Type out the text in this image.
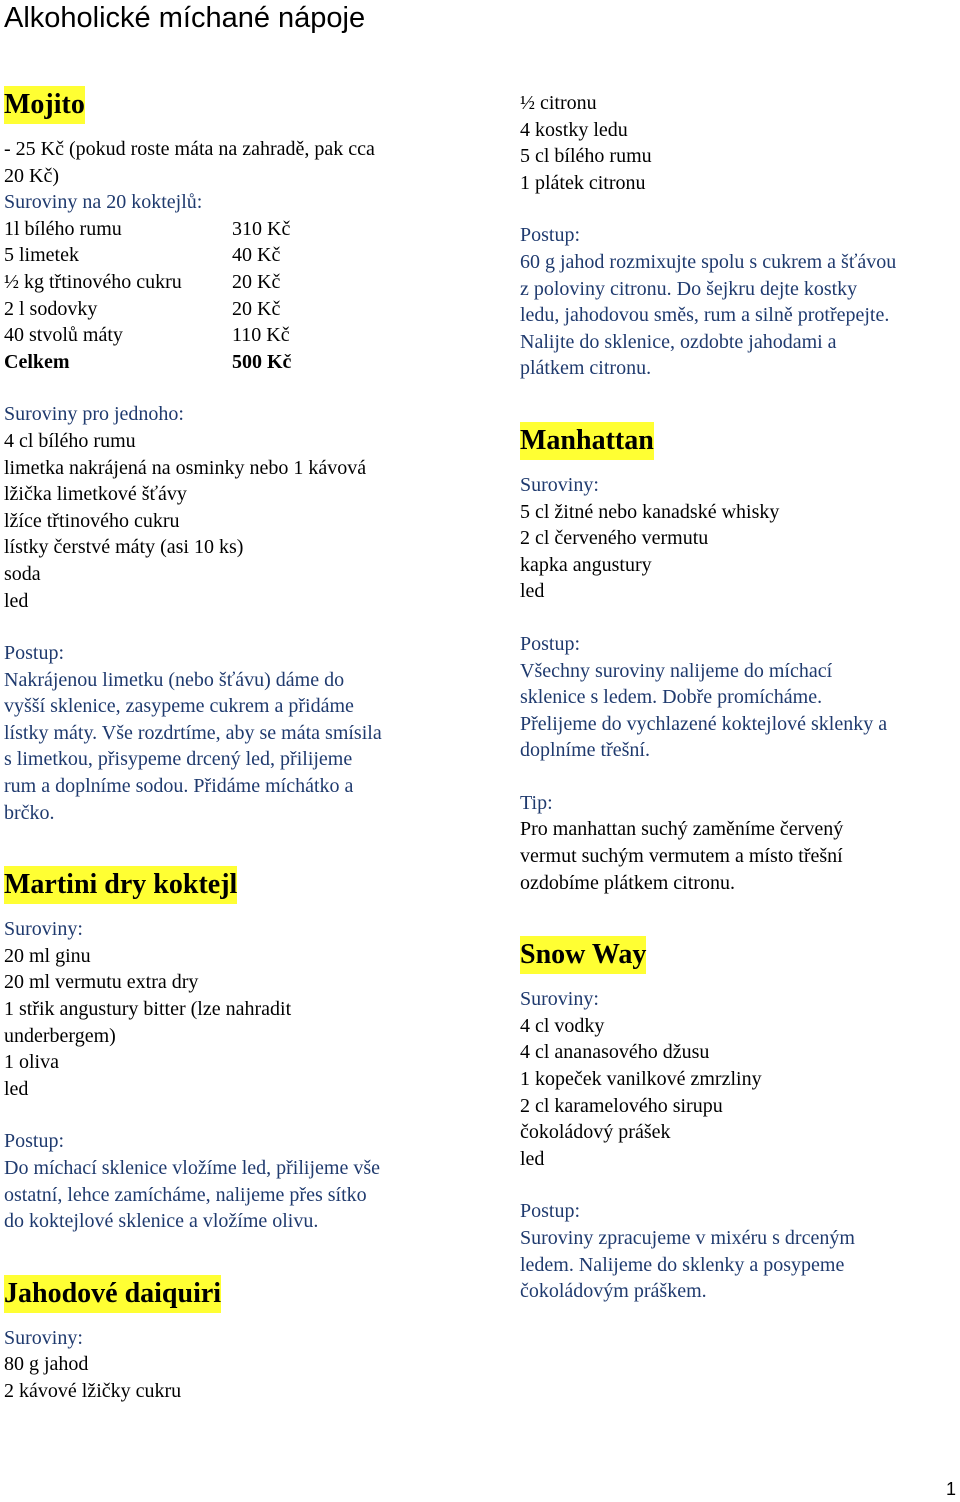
Alkoholické míchané nápoje
Mojito
- 25 Kč (pokud roste máta na zahradě, pak cca
20 Kč)
Suroviny na 20 koktejlů:
1l bílého rumu	310 Kč
5 limetek	40 Kč
½ kg třtinového cukru	20 Kč
2 l sodovky	20 Kč
40 stvolů máty	110 Kč
Celkem	500 Kč
Suroviny pro jednoho:
4 cl bílého rumu
limetka nakrájená na osminky nebo 1 kávová
lžička limetkové šťávy
lžíce třtinového cukru
lístky čerstvé máty (asi 10 ks)
soda
led
Postup:
Nakrájenou limetku (nebo šťávu) dáme do
vyšší sklenice, zasypeme cukrem a přidáme
lístky máty. Vše rozdrtíme, aby se máta smísila
s limetkou, přisypeme drcený led, přilijeme
rum a doplníme sodou. Přidáme míchátko a
brčko.
Martini dry koktejl
Suroviny:
20 ml ginu
20 ml vermutu extra dry
1 střik angustury bitter (lze nahradit
underbergem)
1 oliva
led
Postup:
Do míchací sklenice vložíme led, přilijeme vše
ostatní, lehce zamícháme, nalijeme přes sítko
do koktejlové sklenice a vložíme olivu.
Jahodové daiquiri
Suroviny:
80 g jahod
2 kávové lžičky cukru
½ citronu
4 kostky ledu
5 cl bílého rumu
1 plátek citronu
Postup:
60 g jahod rozmixujte spolu s cukrem a šťávou
z poloviny citronu. Do šejkru dejte kostky
ledu, jahodovou směs, rum a silně protřepejte.
Nalijte do sklenice, ozdobte jahodami a
plátkem citronu.
Manhattan
Suroviny:
5 cl žitné nebo kanadské whisky
2 cl červeného vermutu
kapka angustury
led
Postup:
Všechny suroviny nalijeme do míchací
sklenice s ledem. Dobře promícháme.
Přelijeme do vychlazené koktejlové sklenky a
doplníme třešní.
Tip:
Pro manhattan suchý zaměníme červený
vermut suchým vermutem a místo třešní
ozdobíme plátkem citronu.
Snow Way
Suroviny:
4 cl vodky
4 cl ananasového džusu
1 kopeček vanilkové zmrzliny
2 cl karamelového sirupu
čokoládový prášek
led
Postup:
Suroviny zpracujeme v mixéru s drceným
ledem. Nalijeme do sklenky a posypeme
čokoládovým práškem.
1
